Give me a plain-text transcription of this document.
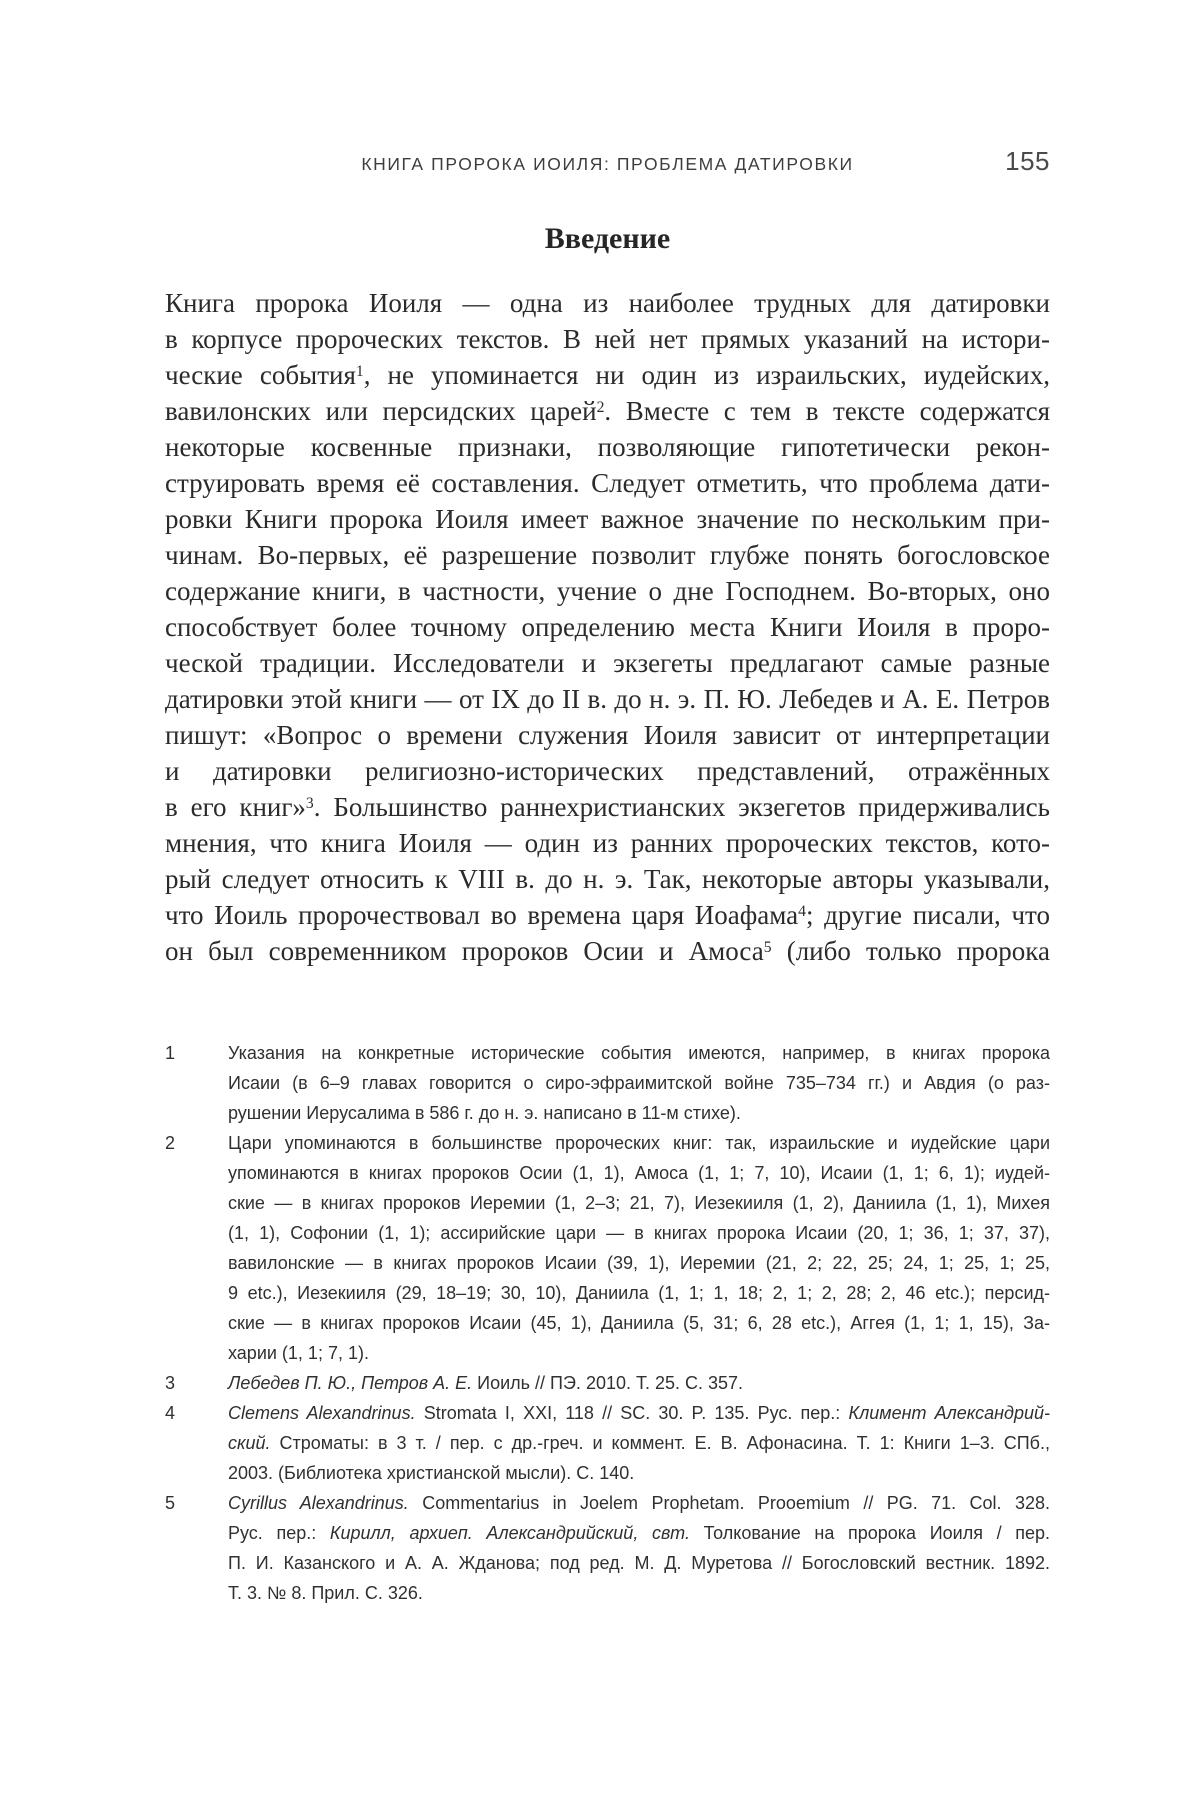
КНИГА ПРОРОКА ИОИЛЯ: ПРОБЛЕМА ДАТИРОВКИ	155
Введение
Книга пророка Иоиля — одна из наиболее трудных для датировки
в корпусе пророческих текстов. В ней нет прямых указаний на истори-
ческие события$^1$, не упоминается ни один из израильских, иудейских,
вавилонских или персидских царей$^2$. Вместе с тем в тексте содержатся
некоторые косвенные признаки, позволяющие гипотетически рекон-
струировать время её составления. Следует отметить, что проблема дати-
ровки Книги пророка Иоиля имеет важное значение по нескольким при-
чинам. Во-первых, её разрешение позволит глубже понять богословское
содержание книги, в частности, учение о дне Господнем. Во-вторых, оно
способствует более точному определению места Книги Иоиля в проро-
ческой традиции. Исследователи и экзегеты предлагают самые разные
датировки этой книги — от IX до II в. до н. э. П. Ю. Лебедев и А. Е. Петров
пишут: «Вопрос о времени служения Иоиля зависит от интерпретации
и датировки религиозно-исторических представлений, отражённых
в его книг»$^3$. Большинство раннехристианских экзегетов придерживались
мнения, что книга Иоиля — один из ранних пророческих текстов, кото-
рый следует относить к VIII в. до н. э. Так, некоторые авторы указывали,
что Иоиль пророчествовал во времена царя Иоафама$^4$; другие писали, что
он был современником пророков Осии и Амоса$^5$ (либо только пророка
1	Указания на конкретные исторические события имеются, например, в книгах пророка
Исаии (в 6–9 главах говорится о сиро-эфраимитской войне 735–734 гг.) и Авдия (о раз-
рушении Иерусалима в 586 г. до н. э. написано в 11-м стихе).
2	Цари упоминаются в большинстве пророческих книг: так, израильские и иудейские цари
упоминаются в книгах пророков Осии (1, 1), Амоса (1, 1; 7, 10), Исаии (1, 1; 6, 1); иудей-
ские — в книгах пророков Иеремии (1, 2–3; 21, 7), Иезекииля (1, 2), Даниила (1, 1), Михея
(1, 1), Софонии (1, 1); ассирийские цари — в книгах пророка Исаии (20, 1; 36, 1; 37, 37),
вавилонские — в книгах пророков Исаии (39, 1), Иеремии (21, 2; 22, 25; 24, 1; 25, 1; 25,
9 etc.), Иезекииля (29, 18–19; 30, 10), Даниила (1, 1; 1, 18; 2, 1; 2, 28; 2, 46 etc.); персид-
ские — в книгах пророков Исаии (45, 1), Даниила (5, 31; 6, 28 etc.), Аггея (1, 1; 1, 15), За-
харии (1, 1; 7, 1).
3	Лебедев П. Ю., Петров А. Е. Иоиль // ПЭ. 2010. Т. 25. С. 357.
4	Clemens Alexandrinus. Stromata I, XXI, 118 // SC. 30. P. 135. Рус. пер.: Климент Александрий-
ский. Строматы: в 3 т. / пер. с др.-греч. и коммент. Е. В. Афонасина. Т. 1: Книги 1–3. СПб.,
2003. (Библиотека христианской мысли). С. 140.
5	Cyrillus Alexandrinus. Commentarius in Joelem Prophetam. Prooemium // PG. 71. Col. 328.
Рус. пер.: Кирилл, архиеп. Александрийский, свт. Толкование на пророка Иоиля / пер.
П. И. Казанского и А. А. Жданова; под ред. М. Д. Муретова // Богословский вестник. 1892.
Т. 3. № 8. Прил. С. 326.
